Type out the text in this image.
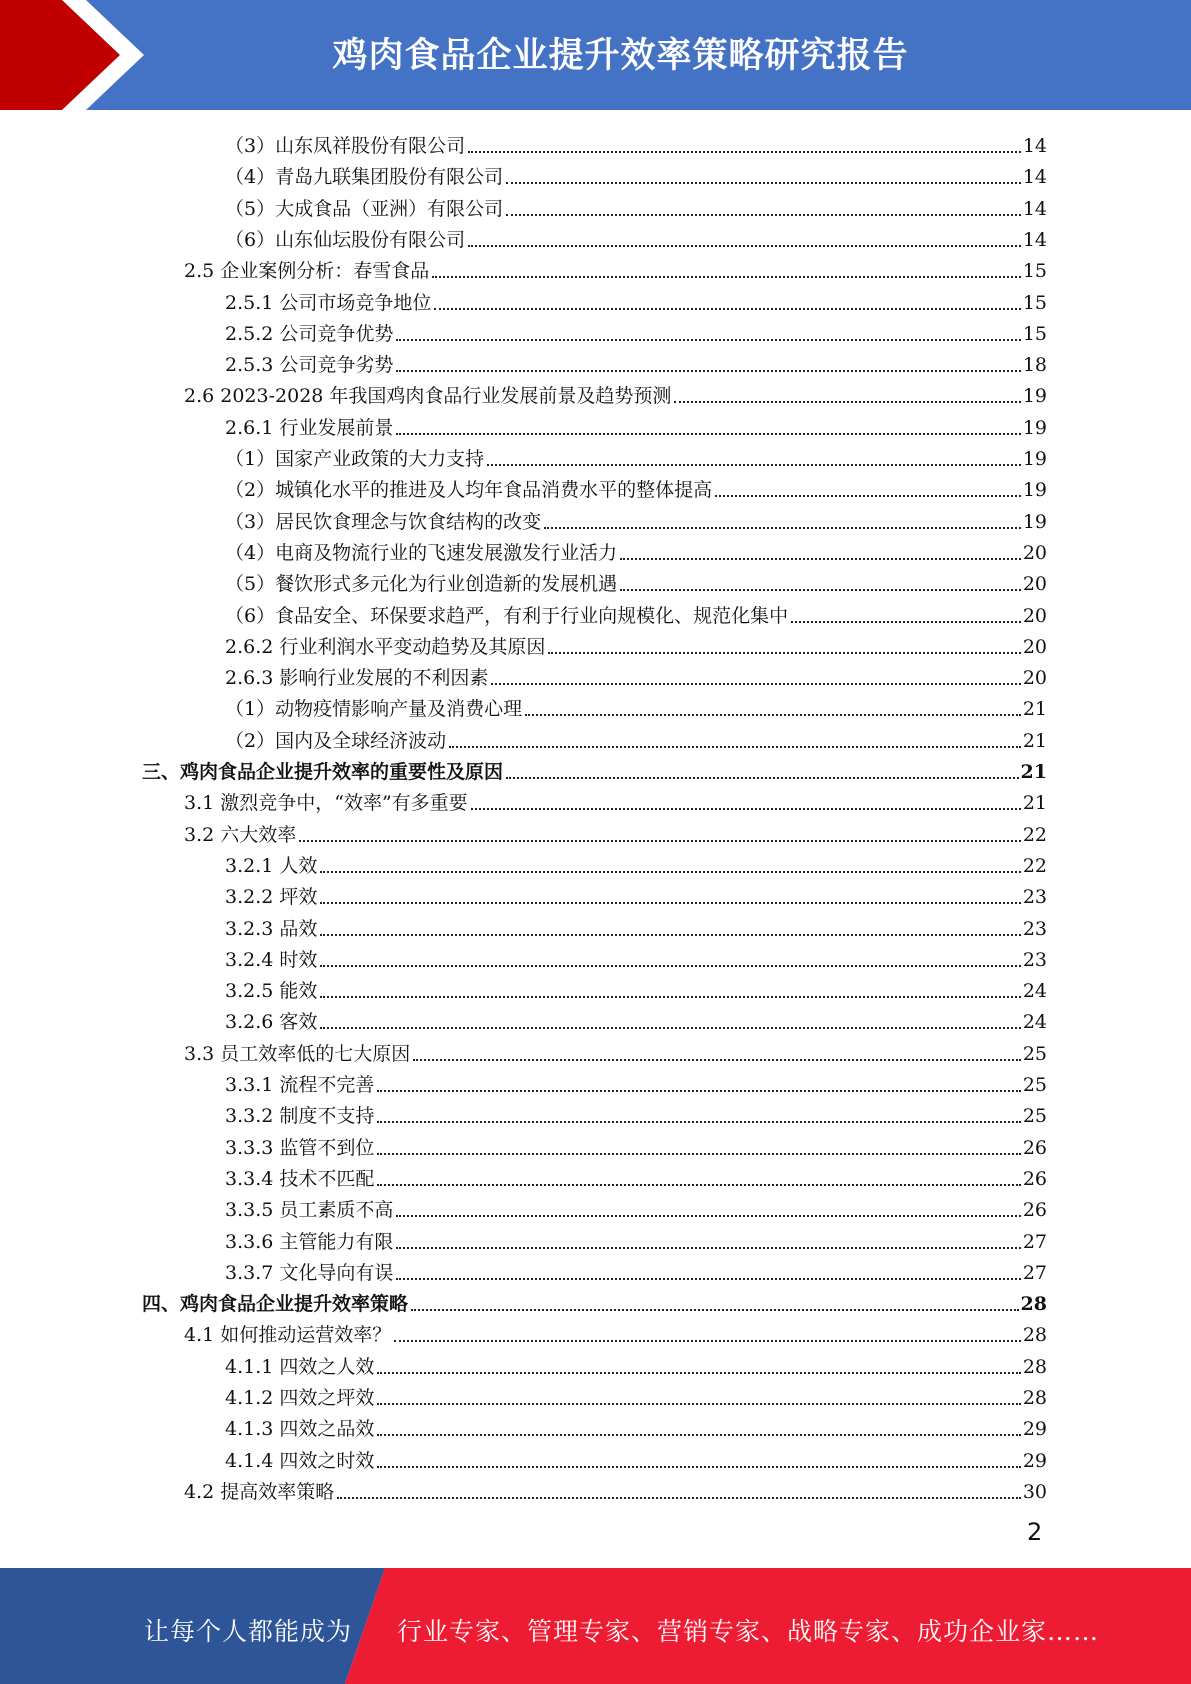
鸡肉食品企业提升效率策略研究报告
（3）山东凤祥股份有限公司	14
（4）青岛九联集团股份有限公司	14
（5）大成食品（亚洲）有限公司	14
（6）山东仙坛股份有限公司	14
2.5 企业案例分析：春雪食品	15
2.5.1 公司市场竞争地位	15
2.5.2 公司竞争优势	15
2.5.3 公司竞争劣势	18
2.6 2023-2028 年我国鸡肉食品行业发展前景及趋势预测	19
2.6.1 行业发展前景	19
（1）国家产业政策的大力支持	19
（2）城镇化水平的推进及人均年食品消费水平的整体提高	19
（3）居民饮食理念与饮食结构的改变	19
（4）电商及物流行业的飞速发展激发行业活力	20
（5）餐饮形式多元化为行业创造新的发展机遇	20
（6）食品安全、环保要求趋严，有利于行业向规模化、规范化集中	20
2.6.2 行业利润水平变动趋势及其原因	20
2.6.3 影响行业发展的不利因素	20
（1）动物疫情影响产量及消费心理	21
（2）国内及全球经济波动	21
三、鸡肉食品企业提升效率的重要性及原因	21
3.1 激烈竞争中，“效率”有多重要	21
3.2 六大效率	22
3.2.1 人效	22
3.2.2 坪效	23
3.2.3 品效	23
3.2.4 时效	23
3.2.5 能效	24
3.2.6 客效	24
3.3 员工效率低的七大原因	25
3.3.1 流程不完善	25
3.3.2 制度不支持	25
3.3.3 监管不到位	26
3.3.4 技术不匹配	26
3.3.5 员工素质不高	26
3.3.6 主管能力有限	27
3.3.7 文化导向有误	27
四、鸡肉食品企业提升效率策略	28
4.1 如何推动运营效率？	28
4.1.1 四效之人效	28
4.1.2 四效之坪效	28
4.1.3 四效之品效	29
4.1.4 四效之时效	29
4.2 提高效率策略	30
2
让每个人都能成为 行业专家、管理专家、营销专家、战略专家、成功企业家……
